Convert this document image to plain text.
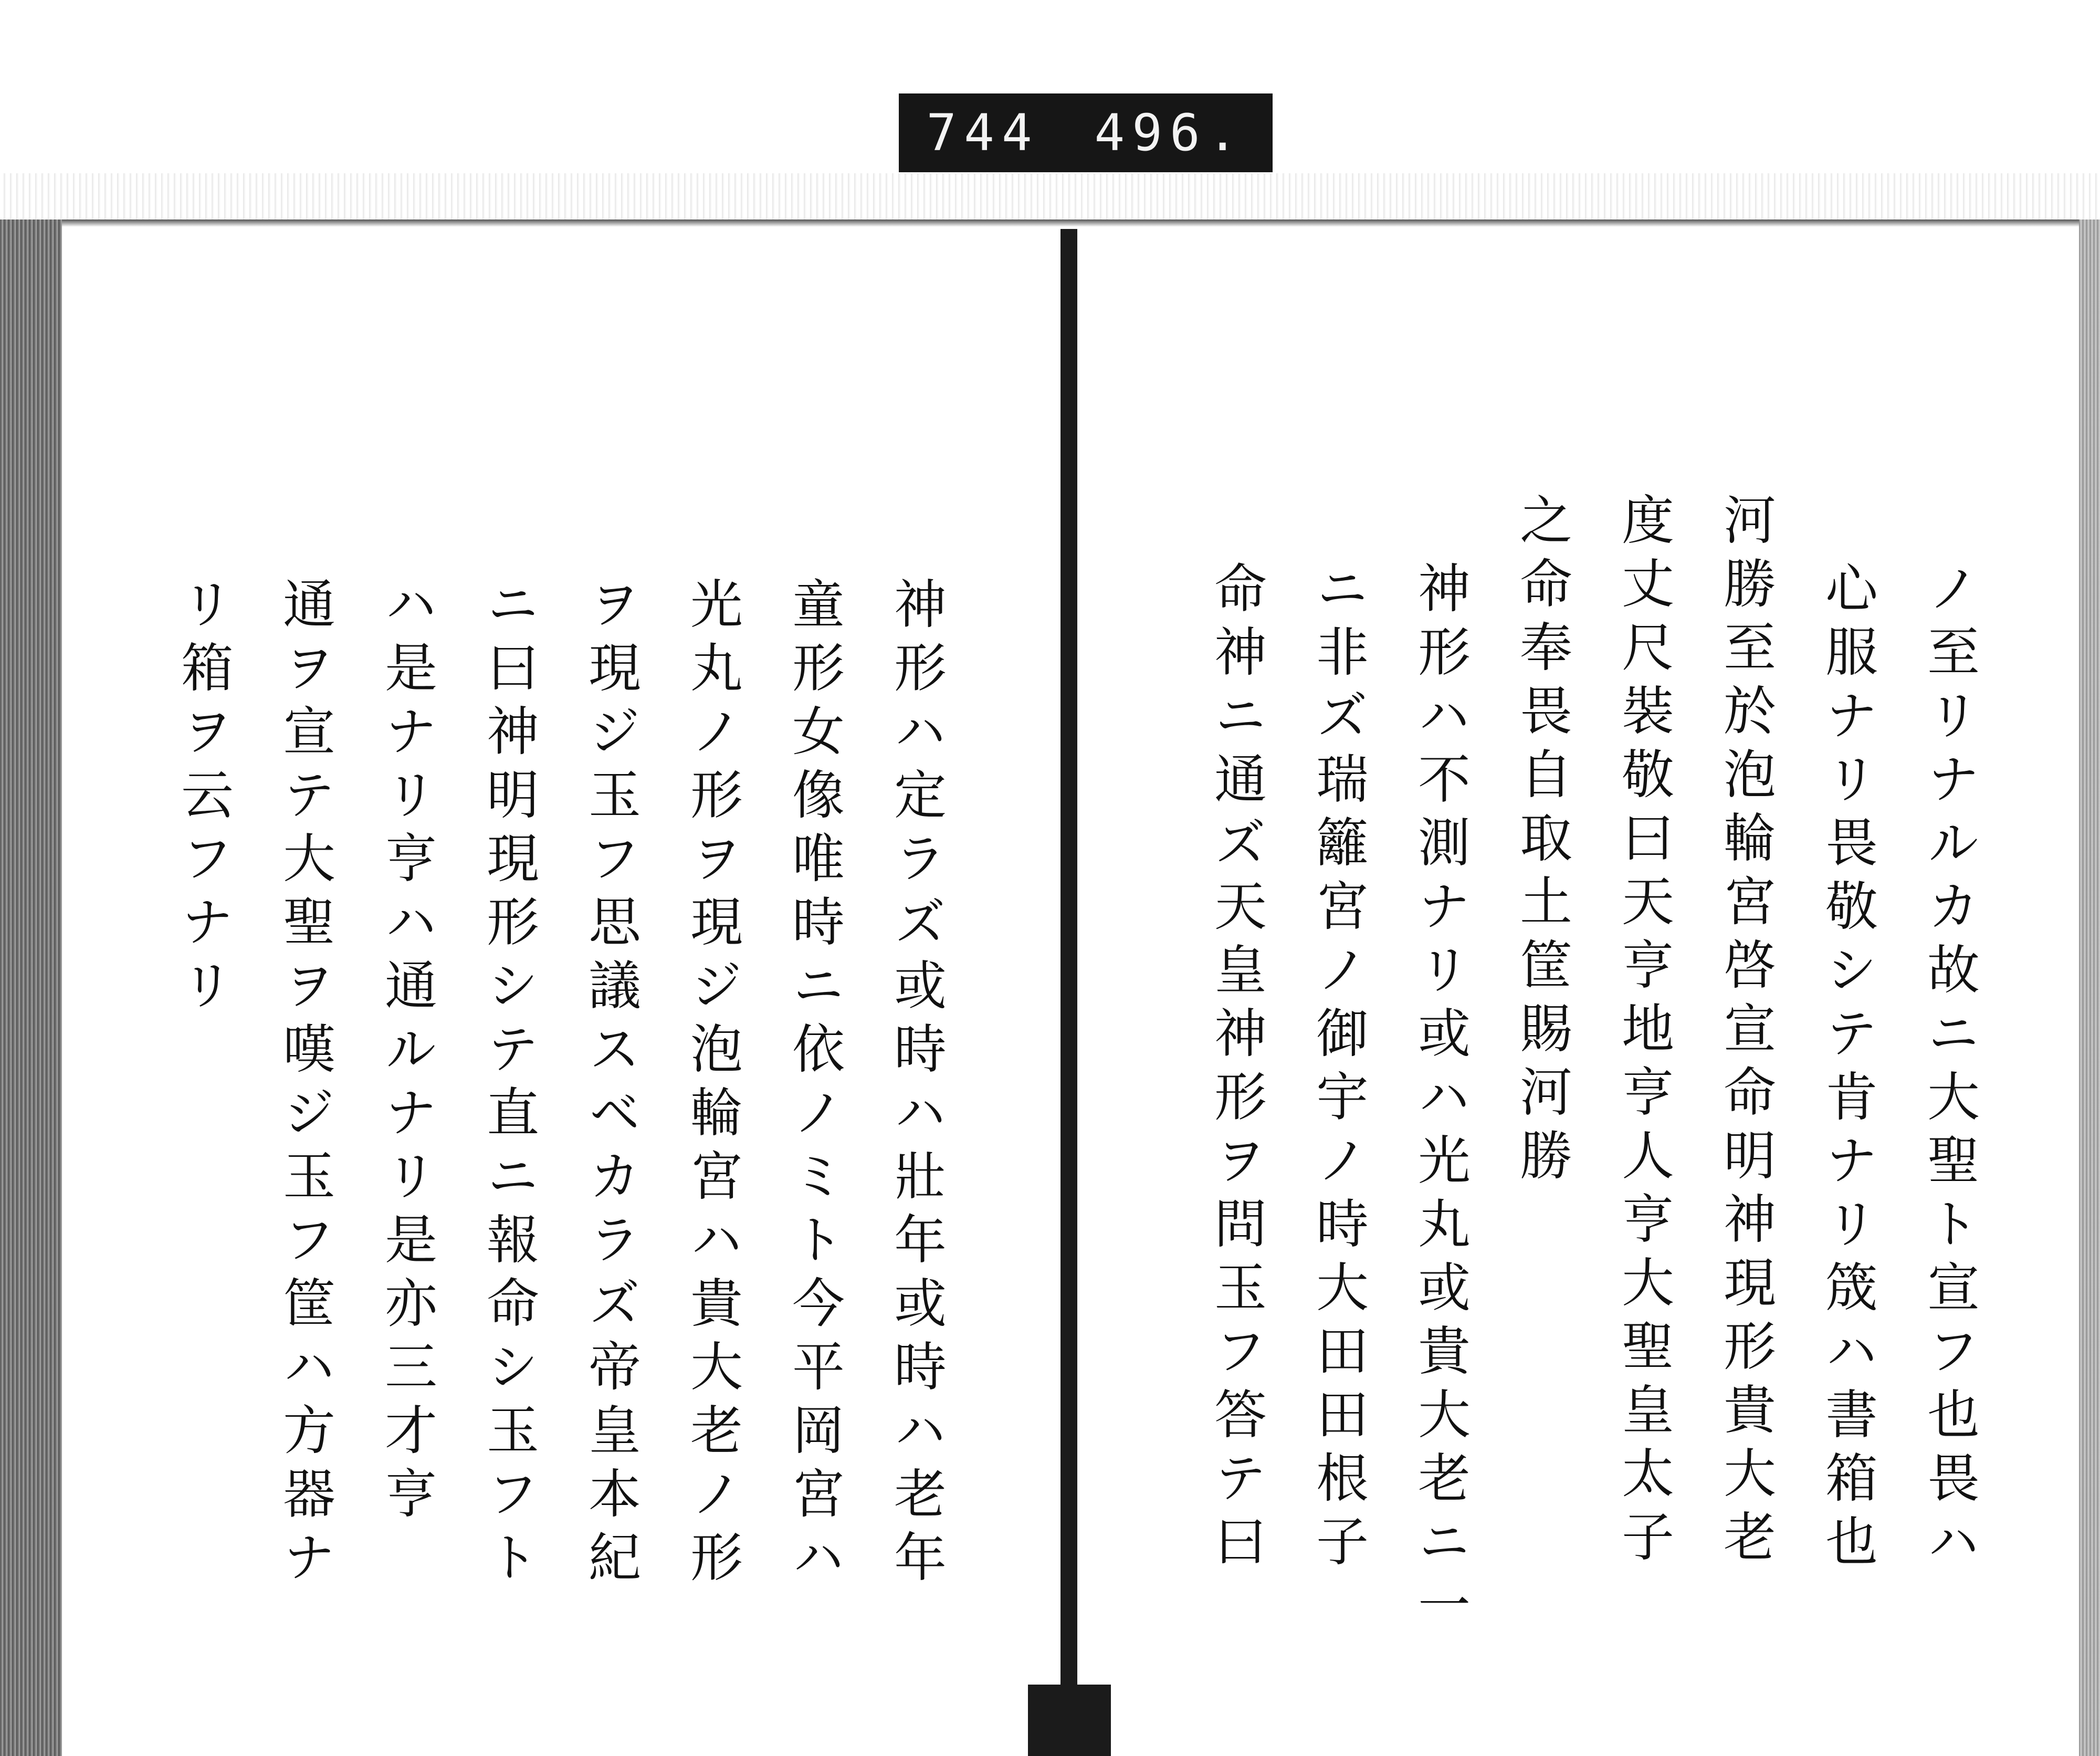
744 496.
ノ至リナルカ故ニ大聖ト宣フ也畏ハ
心服ナリ畏敬シテ肯ナリ筬ハ書箱也
河勝至於泡輪宮啓宣命明神現形貴大老
度丈尺裝敬曰天亨地亨人亨大聖皇太子
之命奉畏自取土筐賜河勝
神形ハ不測ナリ或ハ光丸或貴大老ニ一
ニ非ズ瑞籬宮ノ御宇ノ時大田田根子
命神ニ通ズ天皇神形ヲ問玉フ答テ曰
神形ハ定ラズ或時ハ壯年或時ハ老年
童形女像唯時ニ依ノミト今平岡宮ハ
光丸ノ形ヲ現ジ泡輪宮ハ貴大老ノ形
ヲ現ジ玉フ思議スベカラズ帝皇本紀
ニ曰神明現形シテ直ニ報命シ玉フト
ハ是ナリ亨ハ通ルナリ是亦三才亨
通ヲ宣テ大聖ヲ嘆ジ玉フ筐ハ方器ナ
リ箱ヲ云フナリ
